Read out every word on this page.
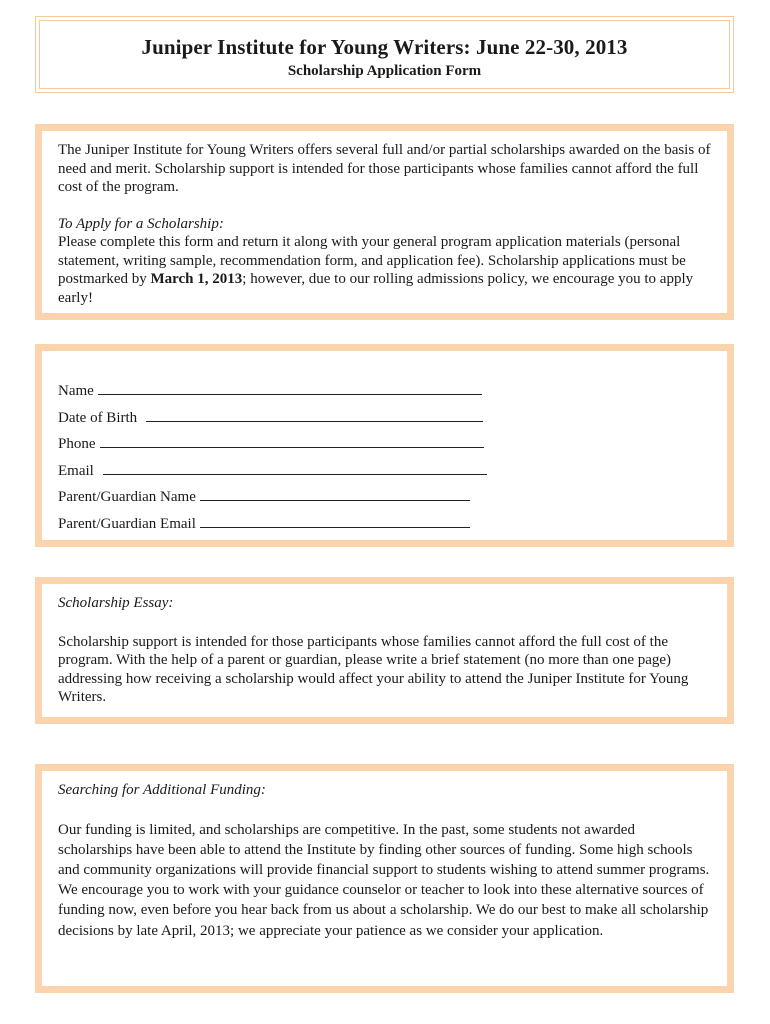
Juniper Institute for Young Writers: June 22-30, 2013
Scholarship Application Form

The Juniper Institute for Young Writers offers several full and/or partial scholarships awarded on the basis of need and merit. Scholarship support is intended for those participants whose families cannot afford the full cost of the program.

To Apply for a Scholarship:

Please complete this form and return it along with your general program application materials (personal statement, writing sample, recommendation form, and application fee). Scholarship applications must be postmarked by March 1, 2013; however, due to our rolling admissions policy, we encourage you to apply early!

Name
Date of Birth
Phone
Email
Parent/Guardian Name
Parent/Guardian Email

Scholarship Essay:

Scholarship support is intended for those participants whose families cannot afford the full cost of the program. With the help of a parent or guardian, please write a brief statement (no more than one page) addressing how receiving a scholarship would affect your ability to attend the Juniper Institute for Young Writers.

Searching for Additional Funding:

Our funding is limited, and scholarships are competitive. In the past, some students not awarded scholarships have been able to attend the Institute by finding other sources of funding. Some high schools and community organizations will provide financial support to students wishing to attend summer programs. We encourage you to work with your guidance counselor or teacher to look into these alternative sources of funding now, even before you hear back from us about a scholarship. We do our best to make all scholarship decisions by late April, 2013; we appreciate your patience as we consider your application.
